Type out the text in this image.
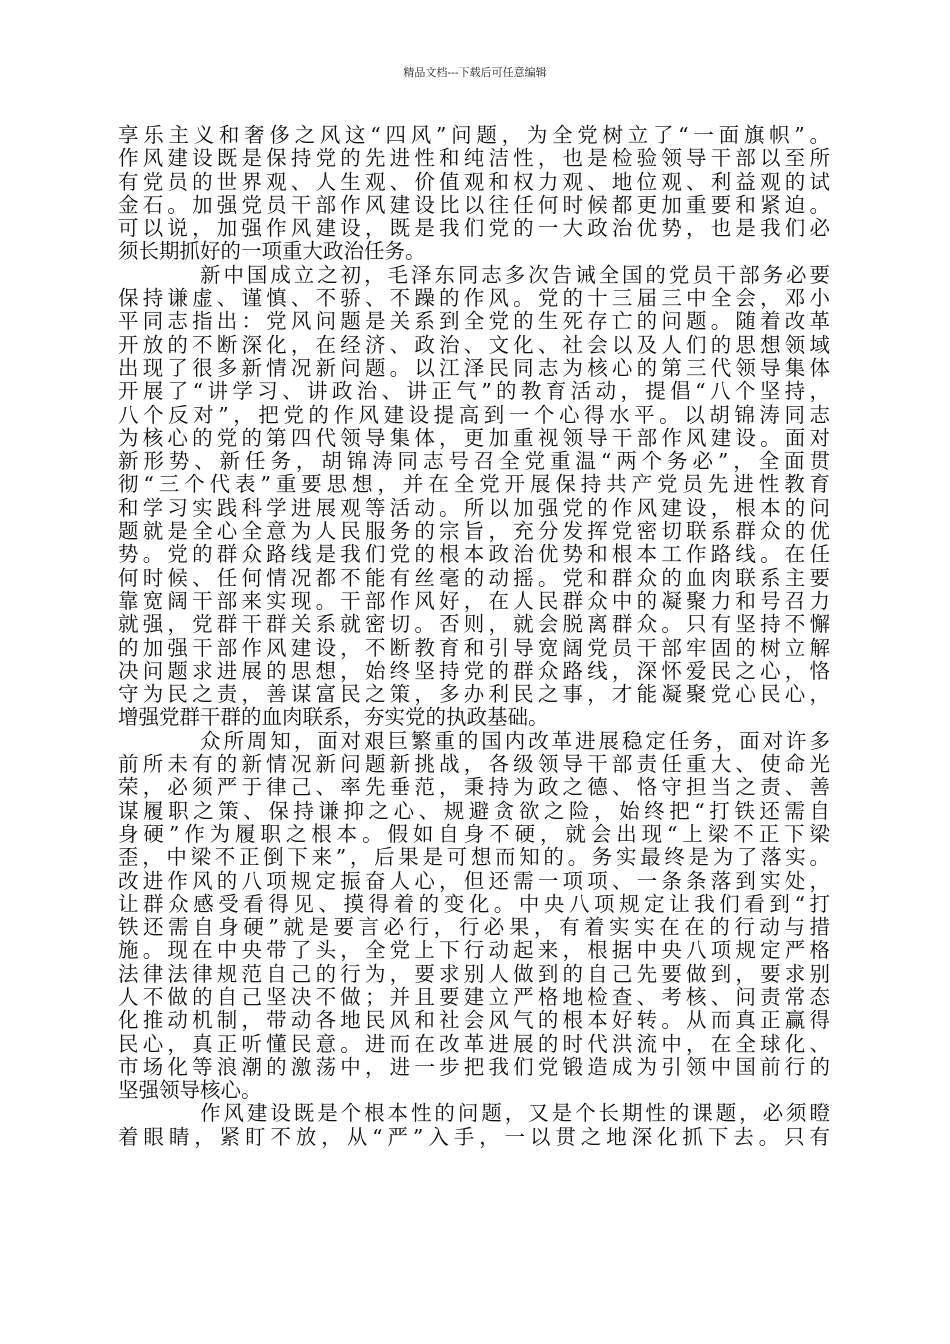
精品文档---下载后可任意编辑
享乐主义和奢侈之风这“四风”问题，为全党树立了“一面旗帜”。
作风建设既是保持党的先进性和纯洁性，也是检验领导干部以至所
有党员的世界观、人生观、价值观和权力观、地位观、利益观的试
金石。加强党员干部作风建设比以往任何时候都更加重要和紧迫。
可以说，加强作风建设，既是我们党的一大政治优势，也是我们必
须长期抓好的一项重大政治任务。
新中国成立之初，毛泽东同志多次告诫全国的党员干部务必要
保持谦虚、谨慎、不骄、不躁的作风。党的十三届三中全会，邓小
平同志指出：党风问题是关系到全党的生死存亡的问题。随着改革
开放的不断深化，在经济、政治、文化、社会以及人们的思想领域
出现了很多新情况新问题。以江泽民同志为核心的第三代领导集体
开展了“讲学习、讲政治、讲正气”的教育活动，提倡“八个坚持，
八个反对”，把党的作风建设提高到一个心得水平。以胡锦涛同志
为核心的党的第四代领导集体，更加重视领导干部作风建设。面对
新形势、新任务，胡锦涛同志号召全党重温“两个务必”，全面贯
彻“三个代表”重要思想，并在全党开展保持共产党员先进性教育
和学习实践科学进展观等活动。所以加强党的作风建设，根本的问
题就是全心全意为人民服务的宗旨，充分发挥党密切联系群众的优
势。党的群众路线是我们党的根本政治优势和根本工作路线。在任
何时候、任何情况都不能有丝毫的动摇。党和群众的血肉联系主要
靠宽阔干部来实现。干部作风好，在人民群众中的凝聚力和号召力
就强，党群干群关系就密切。否则，就会脱离群众。只有坚持不懈
的加强干部作风建设，不断教育和引导宽阔党员干部牢固的树立解
决问题求进展的思想，始终坚持党的群众路线，深怀爱民之心，恪
守为民之责，善谋富民之策，多办利民之事，才能凝聚党心民心，
增强党群干群的血肉联系，夯实党的执政基础。
众所周知，面对艰巨繁重的国内改革进展稳定任务，面对许多
前所未有的新情况新问题新挑战，各级领导干部责任重大、使命光
荣，必须严于律己、率先垂范，秉持为政之德、恪守担当之责、善
谋履职之策、保持谦抑之心、规避贪欲之险，始终把“打铁还需自
身硬”作为履职之根本。假如自身不硬，就会出现“上梁不正下梁
歪，中梁不正倒下来”，后果是可想而知的。务实最终是为了落实。
改进作风的八项规定振奋人心，但还需一项项、一条条落到实处，
让群众感受看得见、摸得着的变化。中央八项规定让我们看到“打
铁还需自身硬”就是要言必行，行必果，有着实实在在的行动与措
施。现在中央带了头，全党上下行动起来，根据中央八项规定严格
法律法律规范自己的行为，要求别人做到的自己先要做到，要求别
人不做的自己坚决不做；并且要建立严格地检查、考核、问责常态
化推动机制，带动各地民风和社会风气的根本好转。从而真正赢得
民心，真正听懂民意。进而在改革进展的时代洪流中，在全球化、
市场化等浪潮的激荡中，进一步把我们党锻造成为引领中国前行的
坚强领导核心。
作风建设既是个根本性的问题，又是个长期性的课题，必须瞪
着眼睛，紧盯不放，从“严”入手，一以贯之地深化抓下去。只有
